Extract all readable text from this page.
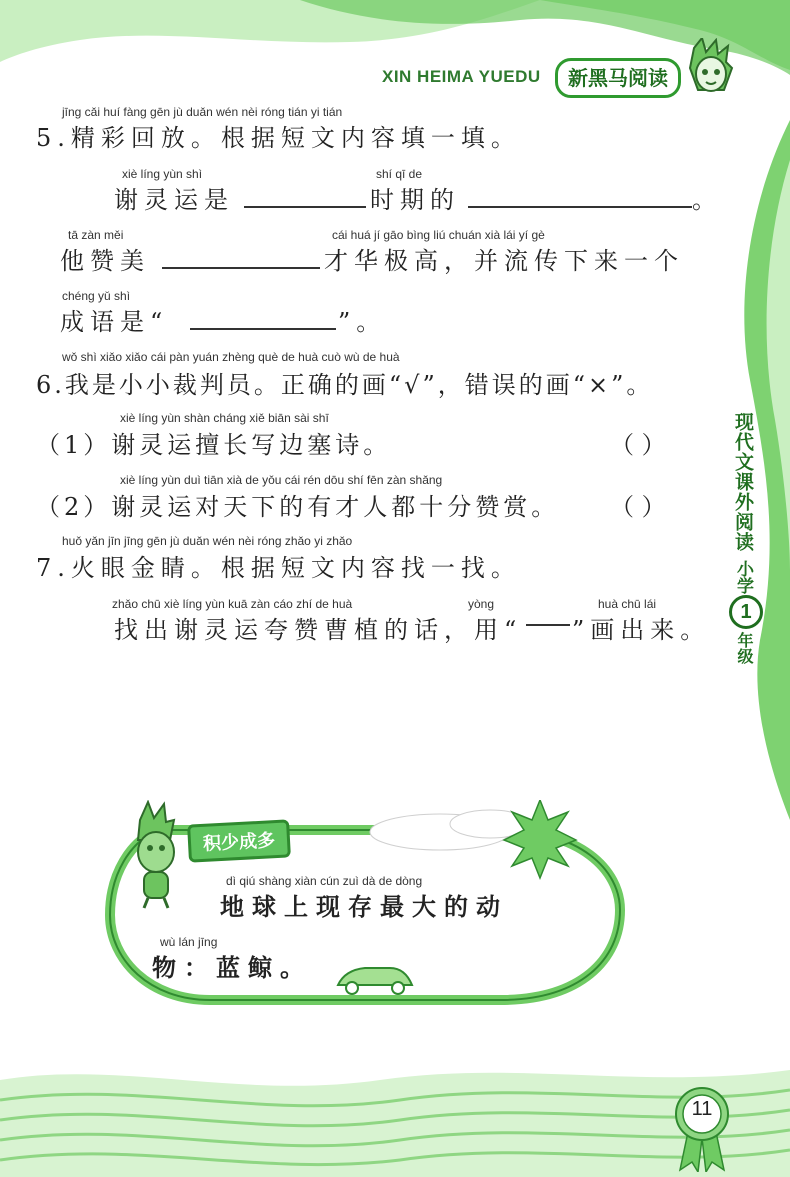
XIN HEIMA YUEDU	新黑马阅读
现代文课外阅读
小学
1
年级
jīng cǎi huí fàng gēn jù duǎn wén nèi róng tián yi tián
5.精彩回放。根据短文内容填一填。
xiè líng yùn shì
谢灵运是
shí qī de
时期的	。
tā zàn měi
他赞美
cái huá jí gāo bìng liú chuán xià lái yí gè
才华极高，并流传下来一个
chéng yǔ shì
成语是“	”。
wǒ shì xiǎo xiǎo cái pàn yuán zhèng què de huà cuò wù de huà
6.我是小小裁判员。正确的画“√”，错误的画“×”。
xiè líng yùn shàn cháng xiě biān sài shī
（1）谢灵运擅长写边塞诗。	（ ）
xiè líng yùn duì tiān xià de yǒu cái rén dōu shí fēn zàn shǎng
（2）谢灵运对天下的有才人都十分赞赏。 （ ）
huǒ yǎn jīn jīng gēn jù duǎn wén nèi róng zhǎo yi zhǎo
7.火眼金睛。根据短文内容找一找。
zhǎo chū xiè líng yùn kuā zàn cáo zhí de huà	yòng	huà chū lái
找出谢灵运夸赞曹植的话，用“ ”画出来。
积少成多
dì qiú shàng xiàn cún zuì dà de dòng
地球上现存最大的动
wù lán jīng
物：蓝鲸。
11
